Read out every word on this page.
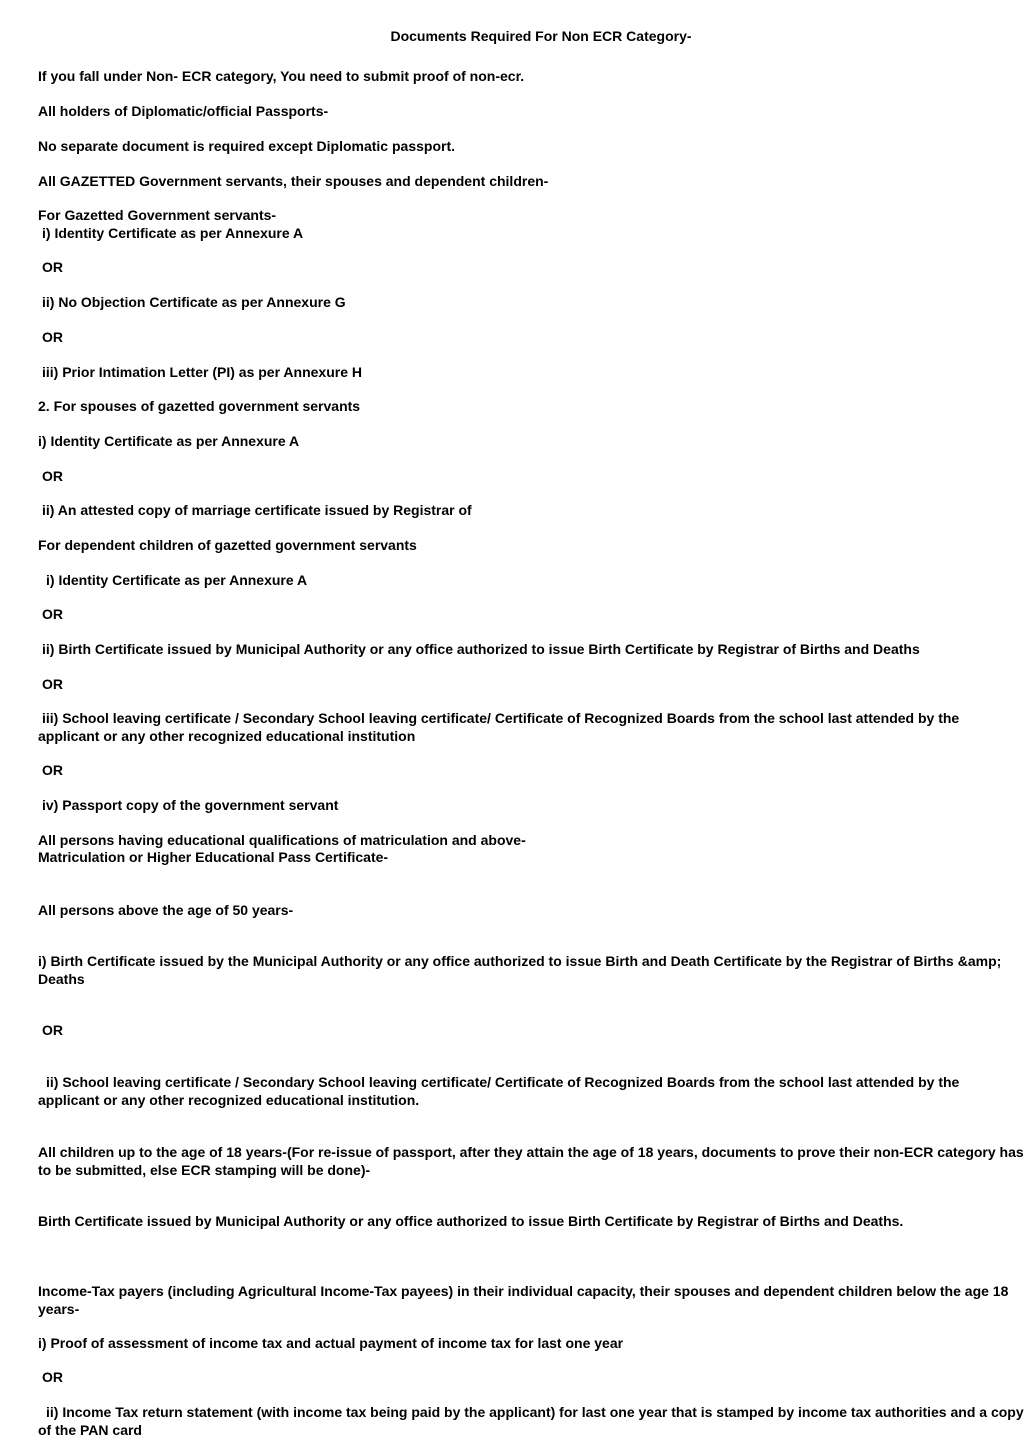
Documents Required For Non ECR Category-
If you fall under Non- ECR category, You need to submit proof of non-ecr.
All holders of Diplomatic/official Passports-
No separate document is required except Diplomatic passport.
All GAZETTED Government servants, their spouses and dependent children-
For Gazetted Government servants-
i) Identity Certificate as per Annexure A
OR
ii) No Objection Certificate as per Annexure G
OR
iii) Prior Intimation Letter (PI) as per Annexure H
2. For spouses of gazetted government servants
i) Identity Certificate as per Annexure A
OR
ii) An attested copy of marriage certificate issued by Registrar of
For dependent children of gazetted government servants
i) Identity Certificate as per Annexure A
OR
ii) Birth Certificate issued by Municipal Authority or any office authorized to issue Birth Certificate by Registrar of Births and Deaths
OR
iii) School leaving certificate / Secondary School leaving certificate/ Certificate of Recognized Boards from the school last attended by the applicant or any other recognized educational institution
OR
iv) Passport copy of the government servant
All persons having educational qualifications of matriculation and above-
Matriculation or Higher Educational Pass Certificate-
All persons above the age of 50 years-
i) Birth Certificate issued by the Municipal Authority or any office authorized to issue Birth and Death Certificate by the Registrar of Births &amp; Deaths
OR
ii) School leaving certificate / Secondary School leaving certificate/ Certificate of Recognized Boards from the school last attended by the applicant or any other recognized educational institution.
All children up to the age of 18 years-(For re-issue of passport, after they attain the age of 18 years, documents to prove their non-ECR category has to be submitted, else ECR stamping will be done)-
Birth Certificate issued by Municipal Authority or any office authorized to issue Birth Certificate by Registrar of Births and Deaths.
Income-Tax payers (including Agricultural Income-Tax payees) in their individual capacity, their spouses and dependent children below the age 18 years-
i) Proof of assessment of income tax and actual payment of income tax for last one year
OR
ii) Income Tax return statement (with income tax being paid by the applicant) for last one year that is stamped by income tax authorities and a copy of the PAN card
